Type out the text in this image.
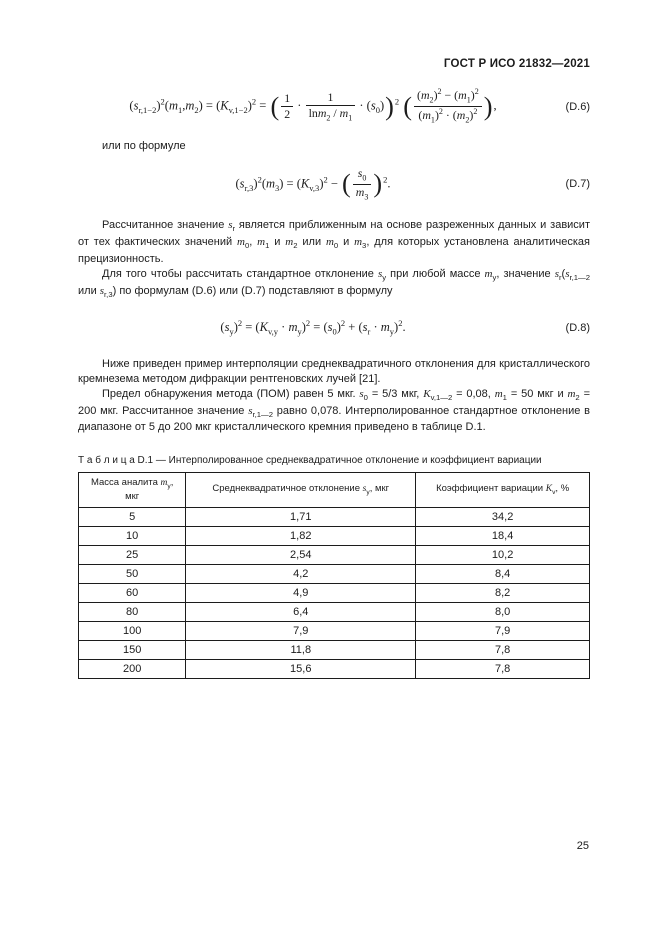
ГОСТ Р ИСО 21832—2021
$(s_{r,1-2})^2(m_1,m_2) = (K_{v,1-2})^2$ = ( $\frac{1}{2} \cdot \frac{1}{\ln m_2 / m_1} \cdot (s_0))^2$ ( $\frac{(m_2)^2 - (m_1)^2}{(m_1)^2 \cdot (m_2)^2}$ ),	(D.6)

или по формуле

$(s_{r,3})^2(m_3) = (K_{v,3})^2$ − ( $\frac{s_0}{m_3} )^2$.	(D.7)

Рассчитанное значение $s_r$ является приближенным на основе разреженных данных и зависит от тех фактических значений $m_0$, $m_1$ и $m_2$ или $m_0$ и $m_3$, для которых установлена аналитическая прецизионность.

Для того чтобы рассчитать стандартное отклонение $s_y$ при любой массе $m_y$, значение $s_r(s_{r,1—2}$ или $s_{r,3}$) по формулам (D.6) или (D.7) подставляют в формулу

$(s_y)^2 = (K_{v,y} \cdot m_y)^2 = (s_0)^2 + (s_r \cdot m_y)^2$.	(D.8)

Ниже приведен пример интерполяции среднеквадратичного отклонения для кристаллического кремнезема методом дифракции рентгеновских лучей [21].

Предел обнаружения метода (ПОМ) равен 5 мкг. $s_0 = 5/3$ мкг, $K_{v,1—2} = 0,08$, $m_1 = 50$ мкг и $m_2 = 200$ мкг. Рассчитанное значение $s_{r,1—2}$ равно 0,078. Интерполированное стандартное отклонение в диапазоне от 5 до 200 мкг кристаллического кремния приведено в таблице D.1.

Т а б л и ц а D.1 — Интерполированное среднеквадратичное отклонение и коэффициент вариации

Масса аналита $m_y$, мкг	Среднеквадратичное отклонение $s_y$, мкг	Коэффициент вариации $K_v$, %
5	1,71	34,2
10	1,82	18,4
25	2,54	10,2
50	4,2	8,4
60	4,9	8,2
80	6,4	8,0
100	7,9	7,9
150	11,8	7,8
200	15,6	7,8
25
